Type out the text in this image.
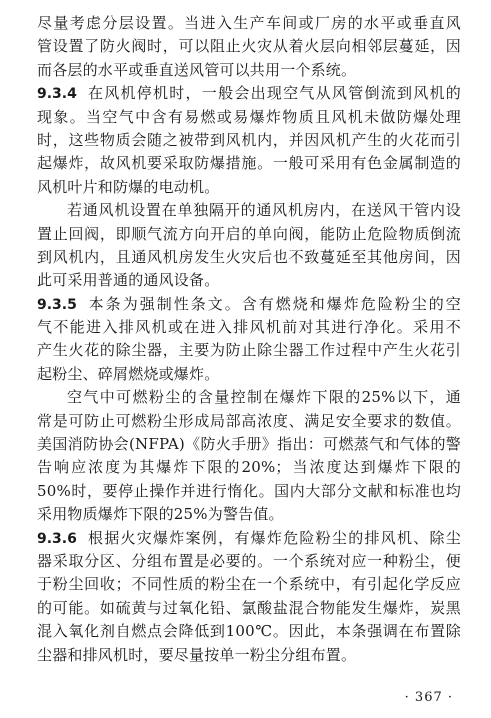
尽量考虑分层设置。当进入生产车间或厂房的水平或垂直风
管设置了防火阀时，可以阻止火灾从着火层向相邻层蔓延，因
而各层的水平或垂直送风管可以共用一个系统。
9.3.4 在风机停机时，一般会出现空气从风管倒流到风机的
现象。当空气中含有易燃或易爆炸物质且风机未做防爆处理
时，这些物质会随之被带到风机内，并因风机产生的火花而引
起爆炸，故风机要采取防爆措施。一般可采用有色金属制造的
风机叶片和防爆的电动机。
若通风机设置在单独隔开的通风机房内，在送风干管内设
置止回阀，即顺气流方向开启的单向阀，能防止危险物质倒流
到风机内，且通风机房发生火灾后也不致蔓延至其他房间，因
此可采用普通的通风设备。
9.3.5 本条为强制性条文。含有燃烧和爆炸危险粉尘的空
气不能进入排风机或在进入排风机前对其进行净化。采用不
产生火花的除尘器，主要为防止除尘器工作过程中产生火花引
起粉尘、碎屑燃烧或爆炸。
空气中可燃粉尘的含量控制在爆炸下限的25%以下，通
常是可防止可燃粉尘形成局部高浓度、满足安全要求的数值。
美国消防协会(NFPA)《防火手册》指出：可燃蒸气和气体的警
告响应浓度为其爆炸下限的20%；当浓度达到爆炸下限的
50%时，要停止操作并进行惰化。国内大部分文献和标准也均
采用物质爆炸下限的25%为警告值。
9.3.6 根据火灾爆炸案例，有爆炸危险粉尘的排风机、除尘
器采取分区、分组布置是必要的。一个系统对应一种粉尘，便
于粉尘回收；不同性质的粉尘在一个系统中，有引起化学反应
的可能。如硫黄与过氧化铅、氯酸盐混合物能发生爆炸，炭黑
混入氧化剂自燃点会降低到100℃。因此，本条强调在布置除
尘器和排风机时，要尽量按单一粉尘分组布置。
· 367 ·
